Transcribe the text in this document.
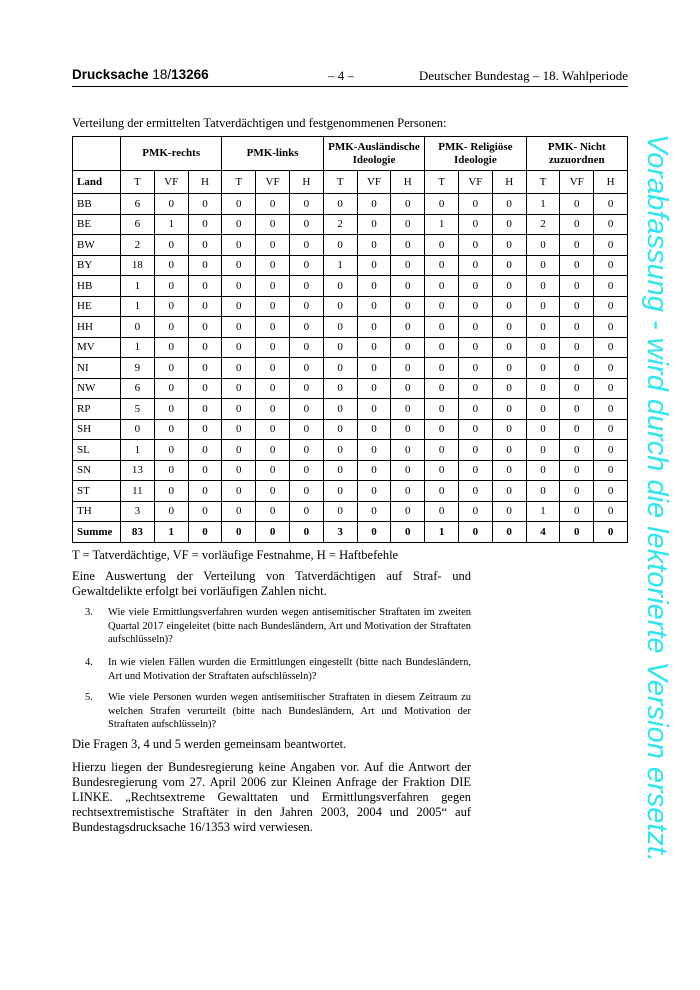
Drucksache 18/13266	– 4 –	Deutscher Bundestag – 18. Wahlperiode
Verteilung der ermittelten Tatverdächtigen und festgenommenen Personen:
	PMK-rechts			PMK-links			PMK-Ausländische Ideologie			PMK- Religiöse Ideologie			PMK- Nicht zuzuordnen		
Land	T	VF	H	T	VF	H	T	VF	H	T	VF	H	T	VF	H
BB	6	0	0	0	0	0	0	0	0	0	0	0	1	0	0
BE	6	1	0	0	0	0	2	0	0	1	0	0	2	0	0
BW	2	0	0	0	0	0	0	0	0	0	0	0	0	0	0
BY	18	0	0	0	0	0	1	0	0	0	0	0	0	0	0
HB	1	0	0	0	0	0	0	0	0	0	0	0	0	0	0
HE	1	0	0	0	0	0	0	0	0	0	0	0	0	0	0
HH	0	0	0	0	0	0	0	0	0	0	0	0	0	0	0
MV	1	0	0	0	0	0	0	0	0	0	0	0	0	0	0
NI	9	0	0	0	0	0	0	0	0	0	0	0	0	0	0
NW	6	0	0	0	0	0	0	0	0	0	0	0	0	0	0
RP	5	0	0	0	0	0	0	0	0	0	0	0	0	0	0
SH	0	0	0	0	0	0	0	0	0	0	0	0	0	0	0
SL	1	0	0	0	0	0	0	0	0	0	0	0	0	0	0
SN	13	0	0	0	0	0	0	0	0	0	0	0	0	0	0
ST	11	0	0	0	0	0	0	0	0	0	0	0	0	0	0
TH	3	0	0	0	0	0	0	0	0	0	0	0	1	0	0
Summe	83	1	0	0	0	0	3	0	0	1	0	0	4	0	0
T = Tatverdächtige, VF = vorläufige Festnahme, H = Haftbefehle
Eine Auswertung der Verteilung von Tatverdächtigen auf Straf- und Gewaltdelikte erfolgt bei vorläufigen Zahlen nicht.
3. Wie viele Ermittlungsverfahren wurden wegen antisemitischer Straftaten im zweiten Quartal 2017 eingeleitet (bitte nach Bundesländern, Art und Motivation der Straftaten aufschlüsseln)?
4. In wie vielen Fällen wurden die Ermittlungen eingestellt (bitte nach Bundesländern, Art und Motivation der Straftaten aufschlüsseln)?
5. Wie viele Personen wurden wegen antisemitischer Straftaten in diesem Zeitraum zu welchen Strafen verurteilt (bitte nach Bundesländern, Art und Motivation der Straftaten aufschlüsseln)?
Die Fragen 3, 4 und 5 werden gemeinsam beantwortet.
Hierzu liegen der Bundesregierung keine Angaben vor. Auf die Antwort der Bundesregierung vom 27. April 2006 zur Kleinen Anfrage der Fraktion DIE LINKE. „Rechtsextreme Gewalttaten und Ermittlungsverfahren gegen rechtsextremistische Straftäter in den Jahren 2003, 2004 und 2005“ auf Bundestagsdrucksache 16/1353 wird verwiesen.	Vorabfassung - wird durch die lektorierte Version ersetzt.
